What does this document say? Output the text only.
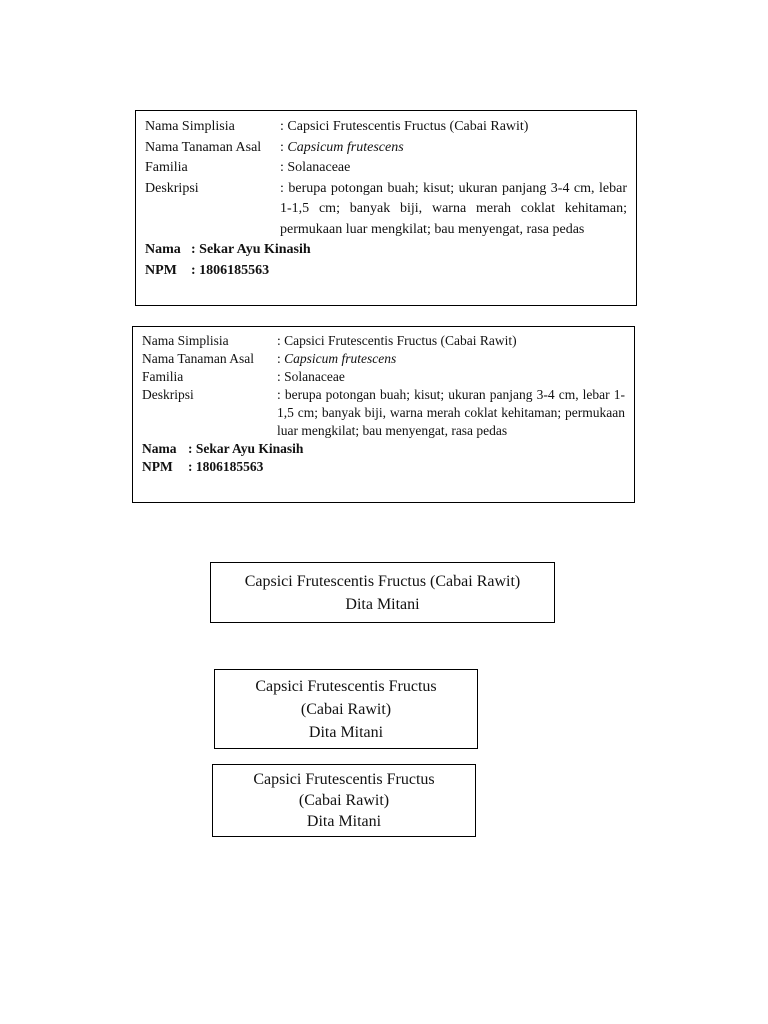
Nama Simplisia	: Capsici Frutescentis Fructus (Cabai Rawit)
Nama Tanaman Asal	: Capsicum frutescens
Familia	: Solanaceae
Deskripsi	: berupa potongan buah; kisut; ukuran panjang 3-4 cm, lebar 1-1,5 cm; banyak biji, warna merah coklat kehitaman; permukaan luar mengkilat; bau menyengat, rasa pedas
Nama : Sekar Ayu Kinasih
NPM	: 1806185563
Nama Simplisia	: Capsici Frutescentis Fructus (Cabai Rawit)
Nama Tanaman Asal	: Capsicum frutescens
Familia	: Solanaceae
Deskripsi	: berupa potongan buah; kisut; ukuran panjang 3-4 cm, lebar 1-1,5 cm; banyak biji, warna merah coklat kehitaman; permukaan luar mengkilat; bau menyengat, rasa pedas
Nama : Sekar Ayu Kinasih
NPM	: 1806185563
Capsici Frutescentis Fructus (Cabai Rawit)
Dita Mitani
Capsici Frutescentis Fructus
(Cabai Rawit)
Dita Mitani
Capsici Frutescentis Fructus
(Cabai Rawit)
Dita Mitani
